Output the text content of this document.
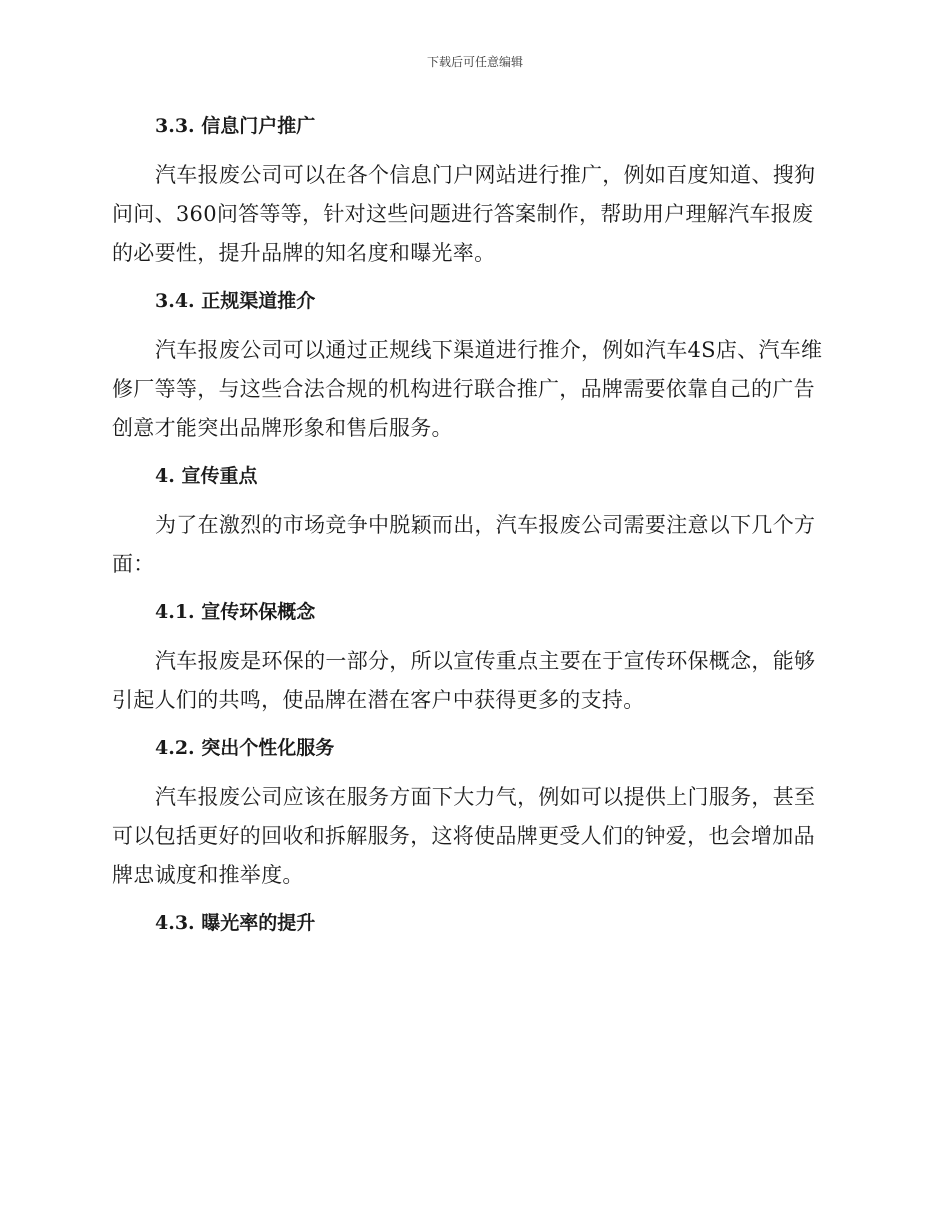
下载后可任意编辑
3.3. 信息门户推广

汽车报废公司可以在各个信息门户网站进行推广，例如百度知道、搜狗问问、360问答等等，针对这些问题进行答案制作，帮助用户理解汽车报废的必要性，提升品牌的知名度和曝光率。

3.4. 正规渠道推介

汽车报废公司可以通过正规线下渠道进行推介，例如汽车4S店、汽车维修厂等等，与这些合法合规的机构进行联合推广，品牌需要依靠自己的广告创意才能突出品牌形象和售后服务。

4. 宣传重点

为了在激烈的市场竞争中脱颖而出，汽车报废公司需要注意以下几个方面：

4.1. 宣传环保概念

汽车报废是环保的一部分，所以宣传重点主要在于宣传环保概念，能够引起人们的共鸣，使品牌在潜在客户中获得更多的支持。

4.2. 突出个性化服务

汽车报废公司应该在服务方面下大力气，例如可以提供上门服务，甚至可以包括更好的回收和拆解服务，这将使品牌更受人们的钟爱，也会增加品牌忠诚度和推举度。

4.3. 曝光率的提升
